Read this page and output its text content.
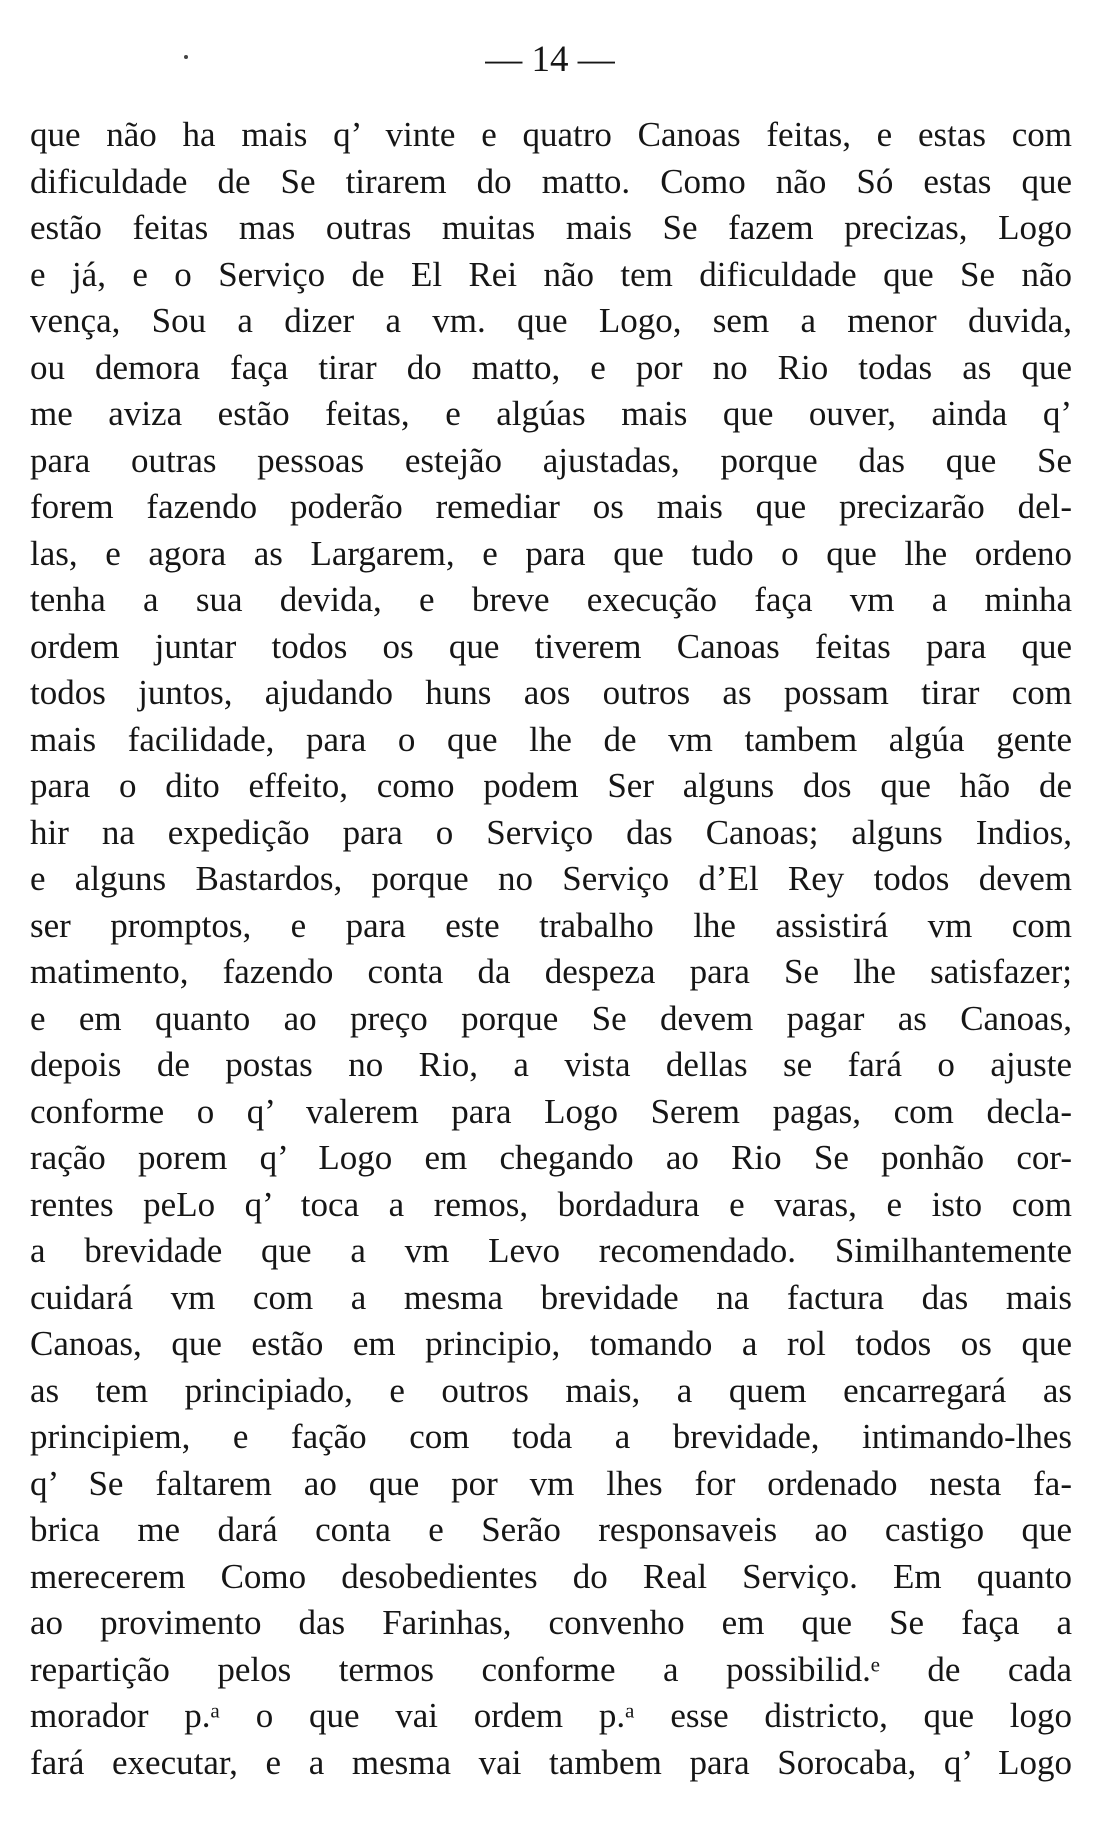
— 14 —
que não ha mais q’ vinte e quatro Canoas feitas, e estas com
dificuldade de Se tirarem do matto. Como não Só estas que
estão feitas mas outras muitas mais Se fazem precizas, Logo
e já, e o Serviço de El Rei não tem dificuldade que Se não
vença, Sou a dizer a vm. que Logo, sem a menor duvida,
ou demora faça tirar do matto, e por no Rio todas as que
me aviza estão feitas, e algúas mais que ouver, ainda q’
para outras pessoas estejão ajustadas, porque das que Se
forem fazendo poderão remediar os mais que precizarão del-
las, e agora as Largarem, e para que tudo o que lhe ordeno
tenha a sua devida, e breve execução faça vm a minha
ordem juntar todos os que tiverem Canoas feitas para que
todos juntos, ajudando huns aos outros as possam tirar com
mais facilidade, para o que lhe de vm tambem algúa gente
para o dito effeito, como podem Ser alguns dos que hão de
hir na expedição para o Serviço das Canoas; alguns Indios,
e alguns Bastardos, porque no Serviço d’El Rey todos devem
ser promptos, e para este trabalho lhe assistirá vm com
matimento, fazendo conta da despeza para Se lhe satisfazer;
e em quanto ao preço porque Se devem pagar as Canoas,
depois de postas no Rio, a vista dellas se fará o ajuste
conforme o q’ valerem para Logo Serem pagas, com decla-
ração porem q’ Logo em chegando ao Rio Se ponhão cor-
rentes peLo q’ toca a remos, bordadura e varas, e isto com
a brevidade que a vm Levo recomendado. Similhantemente
cuidará vm com a mesma brevidade na factura das mais
Canoas, que estão em principio, tomando a rol todos os que
as tem principiado, e outros mais, a quem encarregará as
principiem, e fação com toda a brevidade, intimando-lhes
q’ Se faltarem ao que por vm lhes for ordenado nesta fa-
brica me dará conta e Serão responsaveis ao castigo que
merecerem Como desobedientes do Real Serviço. Em quanto
ao provimento das Farinhas, convenho em que Se faça a
repartição pelos termos conforme a possibilid.ᵉ de cada
morador p.ᵃ o que vai ordem p.ᵃ esse districto, que logo
fará executar, e a mesma vai tambem para Sorocaba, q’ Logo
